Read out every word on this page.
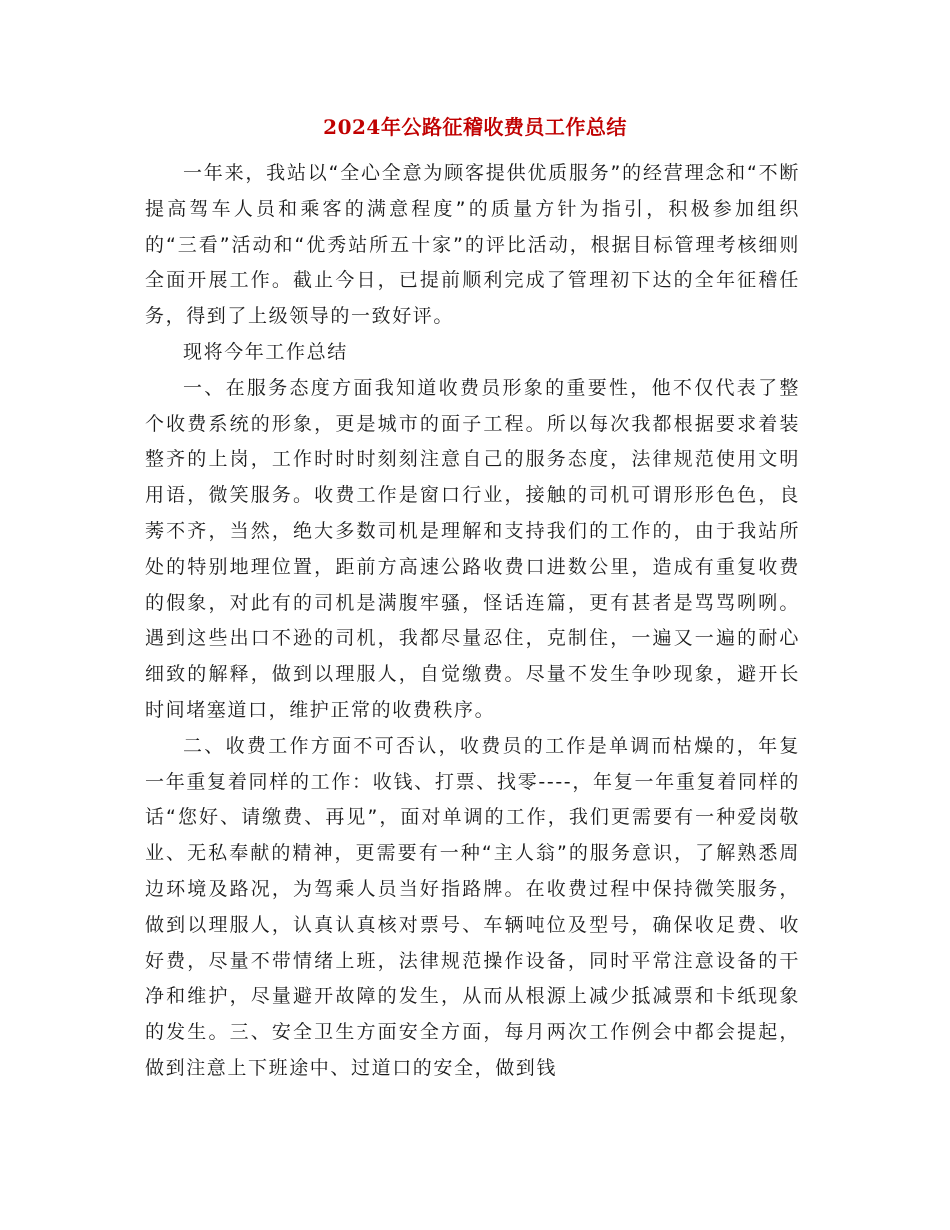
2024年公路征稽收费员工作总结

一年来，我站以“全心全意为顾客提供优质服务”的经营理念和“不断提高驾车人员和乘客的满意程度”的质量方针为指引，积极参加组织的“三看”活动和“优秀站所五十家”的评比活动，根据目标管理考核细则全面开展工作。截止今日，已提前顺利完成了管理初下达的全年征稽任务，得到了上级领导的一致好评。

现将今年工作总结

一、在服务态度方面我知道收费员形象的重要性，他不仅代表了整个收费系统的形象，更是城市的面子工程。所以每次我都根据要求着装整齐的上岗，工作时时时刻刻注意自己的服务态度，法律规范使用文明用语，微笑服务。收费工作是窗口行业，接触的司机可谓形形色色，良莠不齐，当然，绝大多数司机是理解和支持我们的工作的，由于我站所处的特别地理位置，距前方高速公路收费口进数公里，造成有重复收费的假象，对此有的司机是满腹牢骚，怪话连篇，更有甚者是骂骂咧咧。遇到这些出口不逊的司机，我都尽量忍住，克制住，一遍又一遍的耐心细致的解释，做到以理服人，自觉缴费。尽量不发生争吵现象，避开长时间堵塞道口，维护正常的收费秩序。

二、收费工作方面不可否认，收费员的工作是单调而枯燥的，年复一年重复着同样的工作：收钱、打票、找零----，年复一年重复着同样的话“您好、请缴费、再见”，面对单调的工作，我们更需要有一种爱岗敬业、无私奉献的精神，更需要有一种“主人翁”的服务意识，了解熟悉周边环境及路况，为驾乘人员当好指路牌。在收费过程中保持微笑服务，做到以理服人，认真认真核对票号、车辆吨位及型号，确保收足费、收好费，尽量不带情绪上班，法律规范操作设备，同时平常注意设备的干净和维护，尽量避开故障的发生，从而从根源上减少抵减票和卡纸现象的发生。三、安全卫生方面安全方面，每月两次工作例会中都会提起，做到注意上下班途中、过道口的安全，做到钱
